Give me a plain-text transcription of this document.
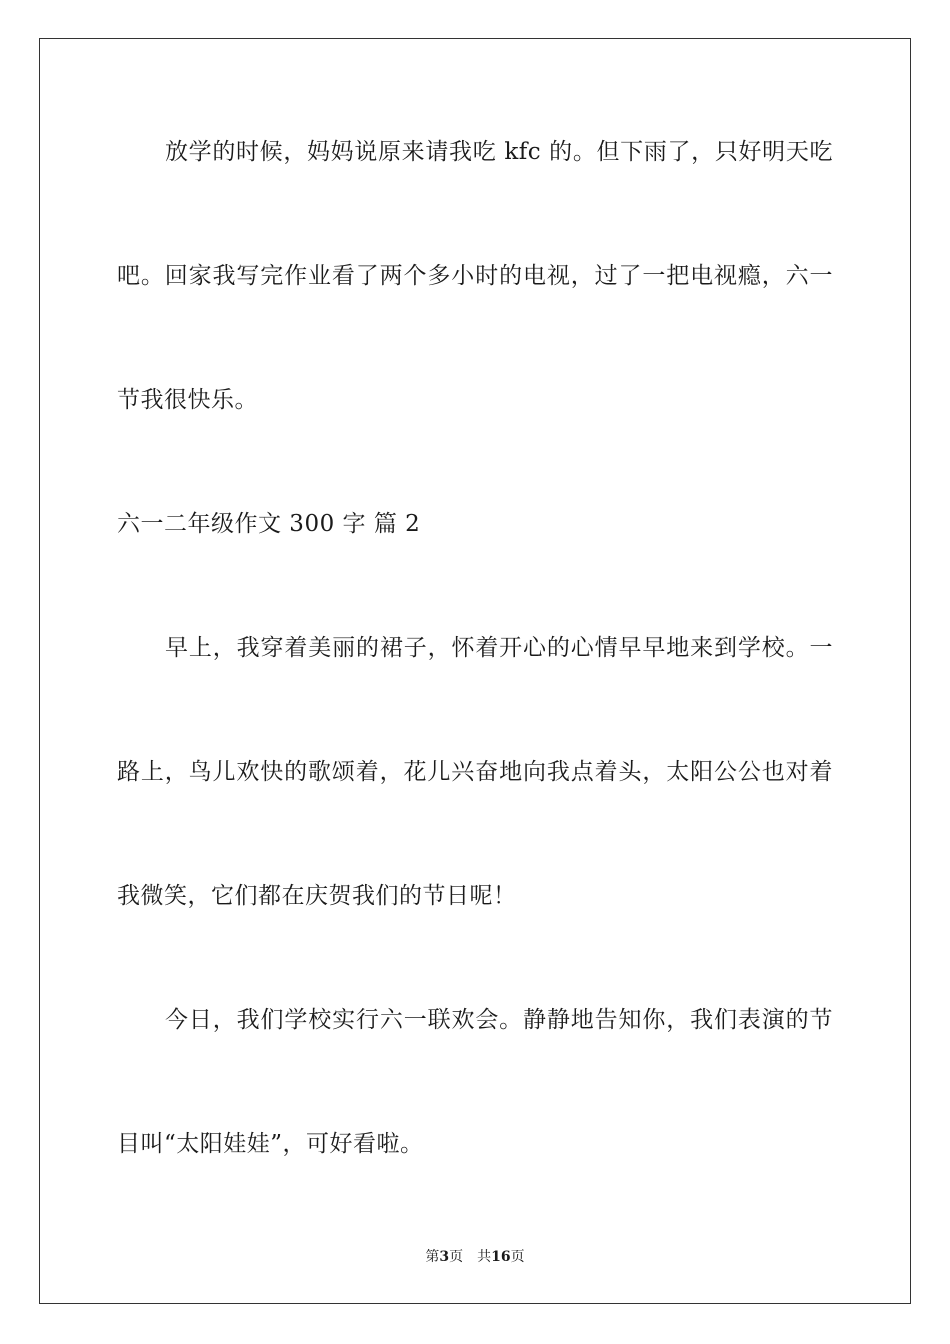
放学的时候，妈妈说原来请我吃 kfc 的。但下雨了，只好明天吃
吧。回家我写完作业看了两个多小时的电视，过了一把电视瘾，六一
节我很快乐。
六一二年级作文 300 字 篇 2
早上，我穿着美丽的裙子，怀着开心的心情早早地来到学校。一
路上，鸟儿欢快的歌颂着，花儿兴奋地向我点着头，太阳公公也对着
我微笑，它们都在庆贺我们的节日呢！
今日，我们学校实行六一联欢会。静静地告知你，我们表演的节
目叫“太阳娃娃”，可好看啦。
第3页 共16页
